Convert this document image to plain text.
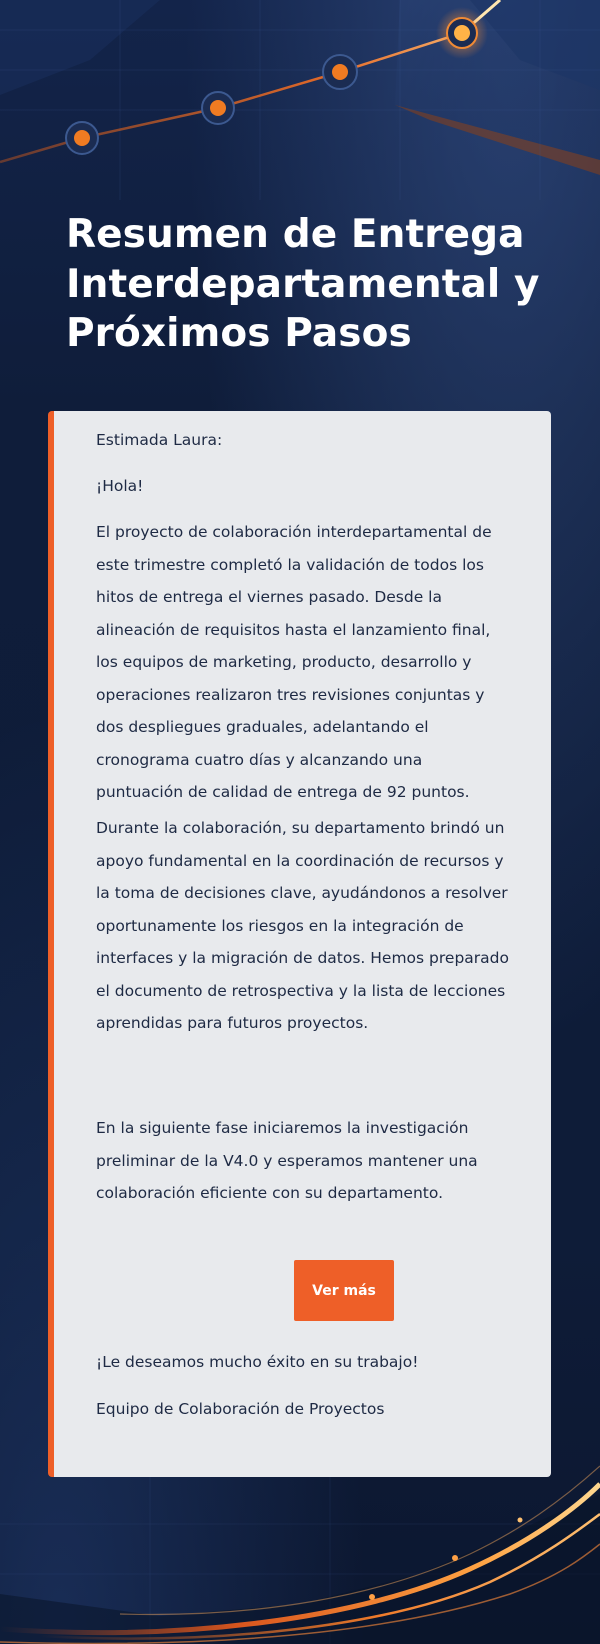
Resumen de Entrega Interdepartamental y Próximos Pasos

Estimada Laura:

¡Hola!

El proyecto de colaboración interdepartamental de este trimestre completó la validación de todos los hitos de entrega el viernes pasado. Desde la alineación de requisitos hasta el lanzamiento final, los equipos de marketing, producto, desarrollo y operaciones realizaron tres revisiones conjuntas y dos despliegues graduales, adelantando el cronograma cuatro días y alcanzando una puntuación de calidad de entrega de 92 puntos.

Durante la colaboración, su departamento brindó un apoyo fundamental en la coordinación de recursos y la toma de decisiones clave, ayudándonos a resolver oportunamente los riesgos en la integración de interfaces y la migración de datos. Hemos preparado el documento de retrospectiva y la lista de lecciones aprendidas para futuros proyectos.

En la siguiente fase iniciaremos la investigación preliminar de la V4.0 y esperamos mantener una colaboración eficiente con su departamento.

Ver más

¡Le deseamos mucho éxito en su trabajo!

Equipo de Colaboración de Proyectos
